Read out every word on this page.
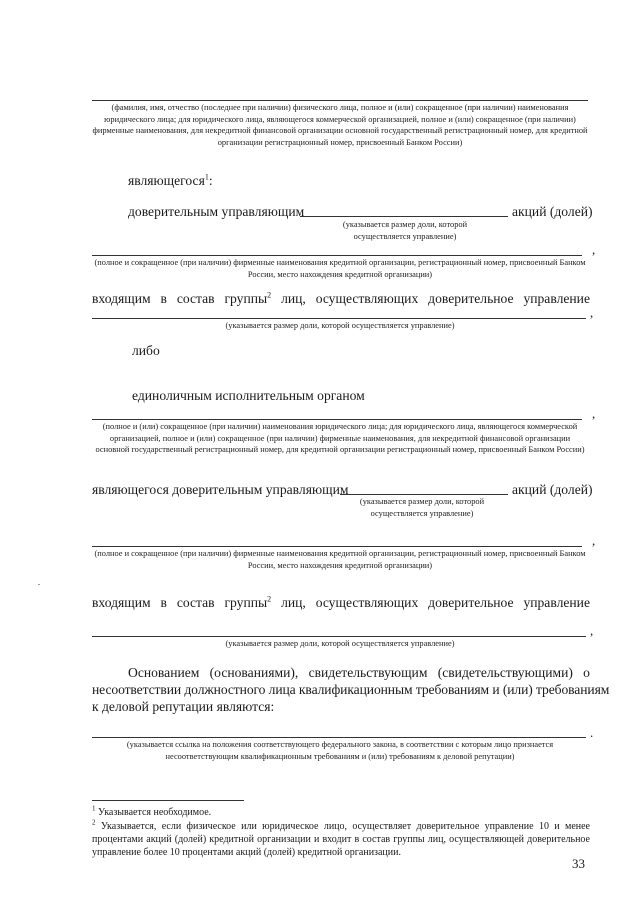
(фамилия, имя, отчество (последнее при наличии) физического лица, полное и (или) сокращенное (при наличии) наименования юридического лица; для юридического лица, являющегося коммерческой организацией, полное и (или) сокращенное (при наличии) фирменные наименования, для некредитной финансовой организации основной государственный регистрационный номер, для кредитной организации регистрационный номер, присвоенный Банком России)
являющегося$^1$:
доверительным управляющим	акций (долей)
(указывается размер доли, которой осуществляется управление)
,
(полное и сокращенное (при наличии) фирменные наименования кредитной организации, регистрационный номер, присвоенный Банком России, место нахождения кредитной организации)
входящим в состав группы$^2$ лиц, осуществляющих доверительное управление
,
(указывается размер доли, которой осуществляется управление)
либо
единоличным исполнительным органом
,
(полное и (или) сокращенное (при наличии) наименования юридического лица; для юридического лица, являющегося коммерческой организацией, полное и (или) сокращенное (при наличии) фирменные наименования, для некредитной финансовой организации основной государственный регистрационный номер, для кредитной организации регистрационный номер, присвоенный Банком России)
являющегося доверительным управляющим	акций (долей)
(указывается размер доли, которой осуществляется управление)
,
(полное и сокращенное (при наличии) фирменные наименования кредитной организации, регистрационный номер, присвоенный Банком России, место нахождения кредитной организации)
входящим в состав группы$^2$ лиц, осуществляющих доверительное управление
,
(указывается размер доли, которой осуществляется управление)
Основанием (основаниями), свидетельствующим (свидетельствующими) о
несоответствии должностного лица квалификационным требованиям и (или) требованиям
к деловой репутации являются:
.
(указывается ссылка на положения соответствующего федерального закона, в соответствии с которым лицо признается несоответствующим квалификационным требованиям и (или) требованиям к деловой репутации)
$^1$ Указывается необходимое.
$^2$ Указывается, если физическое или юридическое лицо, осуществляет доверительное управление 10 и менее процентами акций (долей) кредитной организации и входит в состав группы лиц, осуществляющей доверительное управление более 10 процентами акций (долей) кредитной организации.
33
